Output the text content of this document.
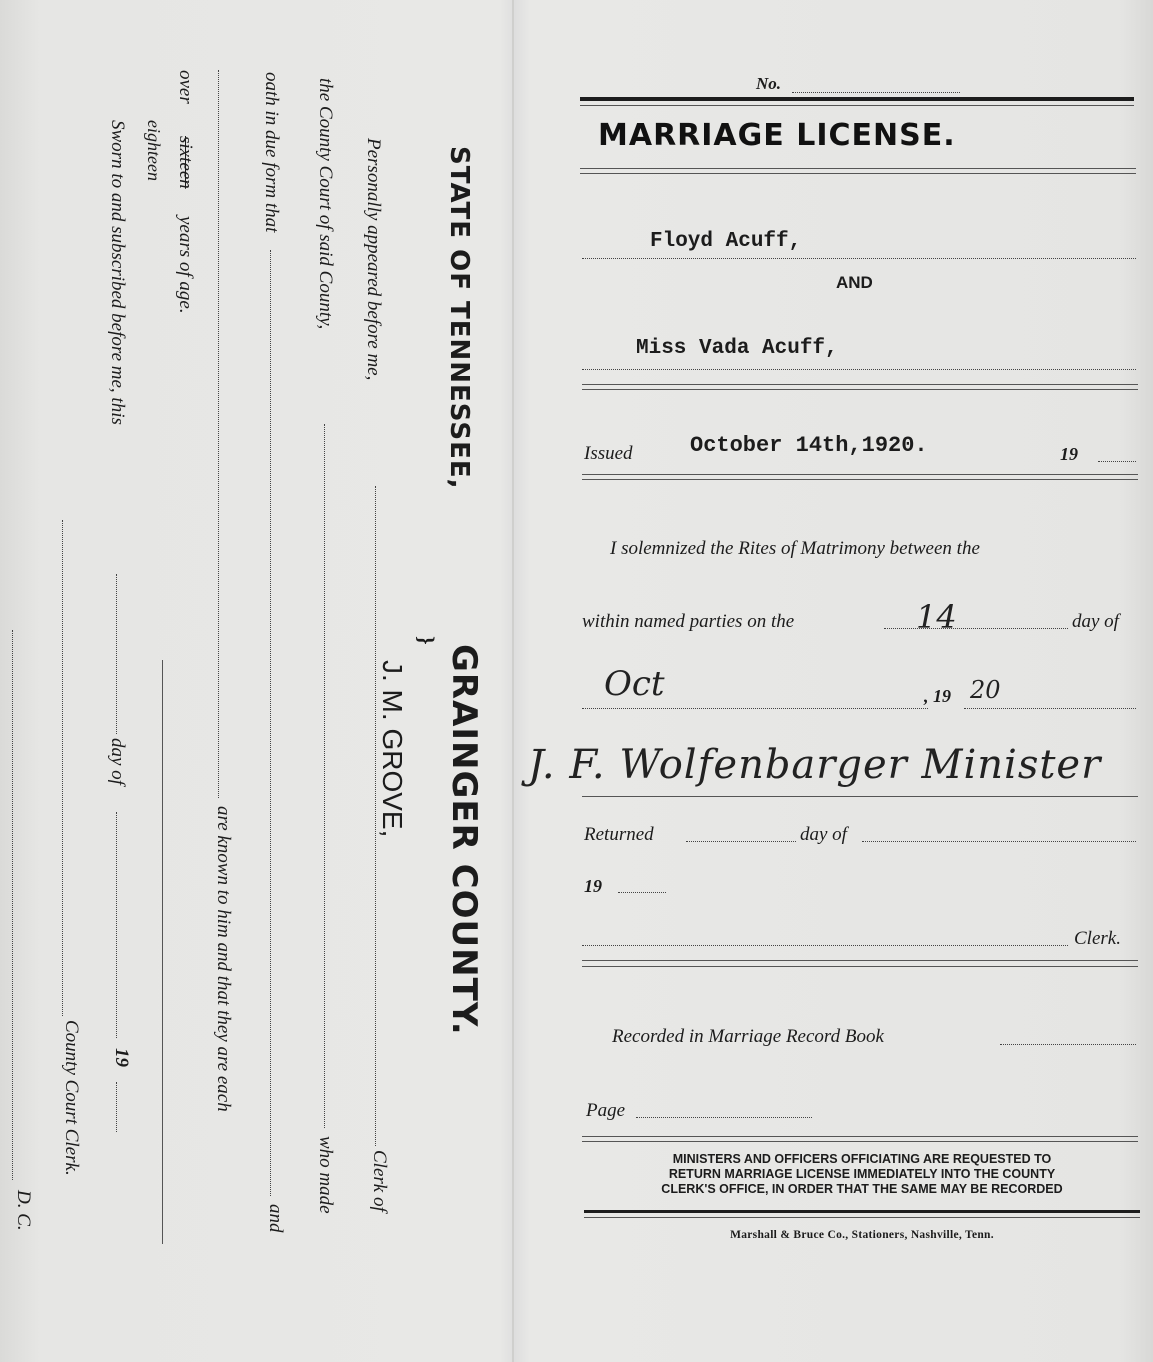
No.
MARRIAGE LICENSE.
Floyd Acuff,
AND
Miss Vada Acuff,
Issued	October 14th,1920.	19
I solemnized the Rites of Matrimony between the
within named parties on the	14	day of
Oct	, 19 20
J. F. Wolfenbarger Minister
Returned	day of
19
Clerk.
Recorded in Marriage Record Book
Page
MINISTERS AND OFFICERS OFFICIATING ARE REQUESTED TO
RETURN MARRIAGE LICENSE IMMEDIATELY INTO THE COUNTY
CLERK'S OFFICE, IN ORDER THAT THE SAME MAY BE RECORDED
Marshall & Bruce Co., Stationers, Nashville, Tenn.
STATE OF TENNESSEE,
GRAINGER COUNTY.
}
J. M. GROVE,
Personally appeared before me,
Clerk of
the County Court of said County,
who made
oath in due form that
and
are known to him and that they are each
over
sixteen
eighteen
years of age.
Sworn to and subscribed before me, this
day of
19
County Court Clerk.
D. C.
